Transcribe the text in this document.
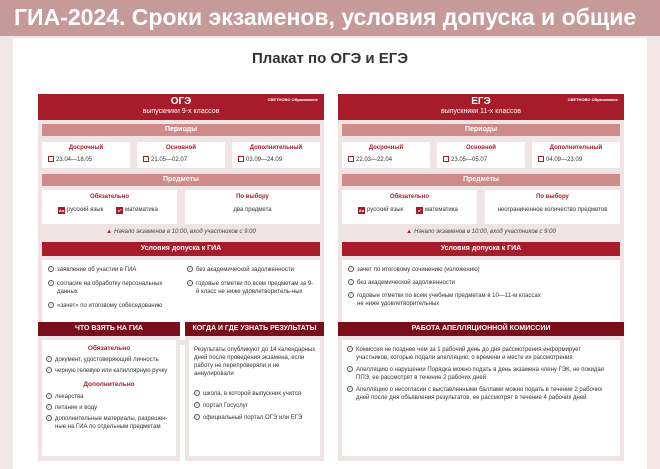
ГИА-2024. Сроки экзаменов, условия допуска и общие
Плакат по ОГЭ и ЕГЭ
ОГЭ
выпускники 9-х классов
CBETHOBO Образование
Периоды
Досрочный
23.04—18.05
Основной
21.05—02.07
Дополнительный
03.09—24.09
Предметы
Обязательно
Аа русский язык	x² математика
По выбору
два предмета
▲ Начало экзаменов в 10:00, вход участников с 9:00
Условия допуска к ГИА
✓ заявление об участии в ГИА
✓ согласие на обработку персональных данных
✓ «зачет» по итоговому собеседованию
✓ без академической задолженности
✓ годовые отметки по всем предметам за 9-й класс не ниже удовлетворитель-ных
ЕГЭ
выпускники 11-х классов
CBETHOBO Образование
Периоды
Досрочный
22.03—22.04
Основной
23.05—05.07
Дополнительный
04.09—23.09
Предметы
Обязательно
Аа русский язык	x² математика
По выбору
неограниченное количество предметов
▲ Начало экзаменов в 10:00, вход участников с 9:00
Условия допуска к ГИА
✓ зачет по итоговому сочинению (изложению)
✓ без академической задолженности
✓ годовые отметки по всем учебным предметам в 10—11-м классах не ниже удовлетворительных
ЧТО ВЗЯТЬ НА ГИА
Обязательно
✓ документ, удостоверяющий личность
✓ черную гелевую или капиллярную ручку
Дополнительно
✓ лекарства
✓ питание и воду
✓ дополнительные материалы, разрешен-ные на ГИА по отдельным предметам
КОГДА И ГДЕ УЗНАТЬ РЕЗУЛЬТАТЫ
Результаты опубликуют до 14 календарных дней после проведения экзамена, если работу не перепроверяли и не аннулировали
✓ школа, в которой выпускник учится
✓ портал Госуслуг
✓ официальный портал ОГЭ или ЕГЭ
РАБОТА АПЕЛЛЯЦИОННОЙ КОМИССИИ
✓ Комиссия не позднее чем за 1 рабочий день до дня рассмотрения информирует участников, которые подали апелляцию, о времени и месте их рассмотрения
✓ Апелляцию о нарушении Порядка можно подать в день экзамена члену ГЭК, не покидая ППЭ, ее рассмотрят в течение 2 рабочих дней
✓ Апелляцию о несогласии с выставленными баллами можно подать в течение 2 рабочих дней после дня объявления результатов, ее рассмотрят в течение 4 рабочих дней
